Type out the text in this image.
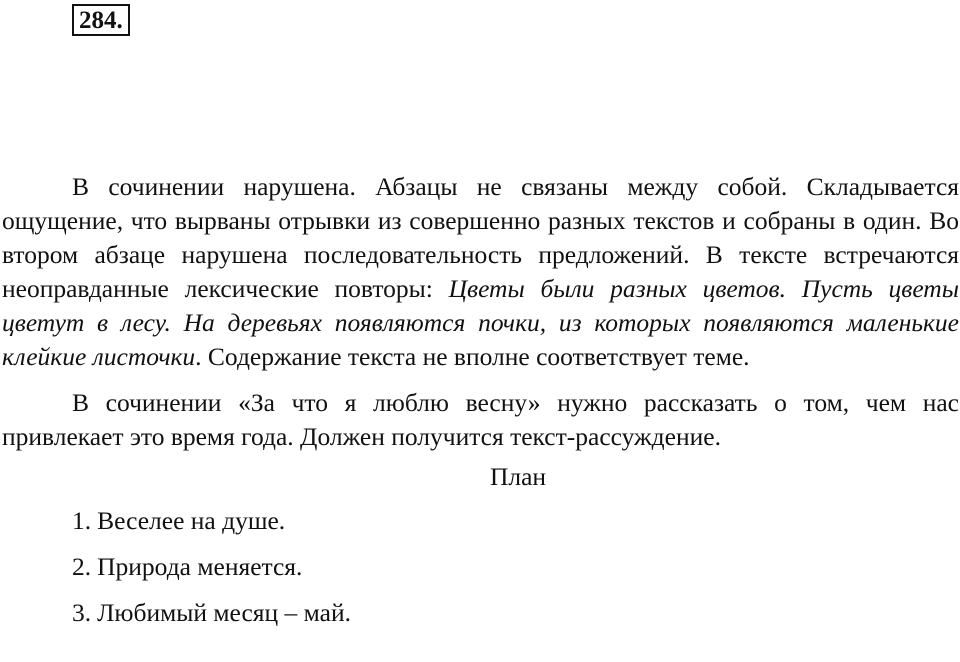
284.

В сочинении нарушена. Абзацы не связаны между собой. Складывается ощущение, что вырваны отрывки из совершенно разных текстов и собраны в один. Во втором абзаце нарушена последовательность предложений. В тексте встречаются неоправданные лексические повторы: Цветы были разных цветов. Пусть цветы цветут в лесу. На деревьях появляются почки, из которых появляются маленькие клейкие листочки. Содержание текста не вполне соответствует теме.

В сочинении «За что я люблю весну» нужно рассказать о том, чем нас привлекает это время года. Должен получится текст-рассуждение.

План

1. Веселее на душе.
2. Природа меняется.
3. Любимый месяц – май.
